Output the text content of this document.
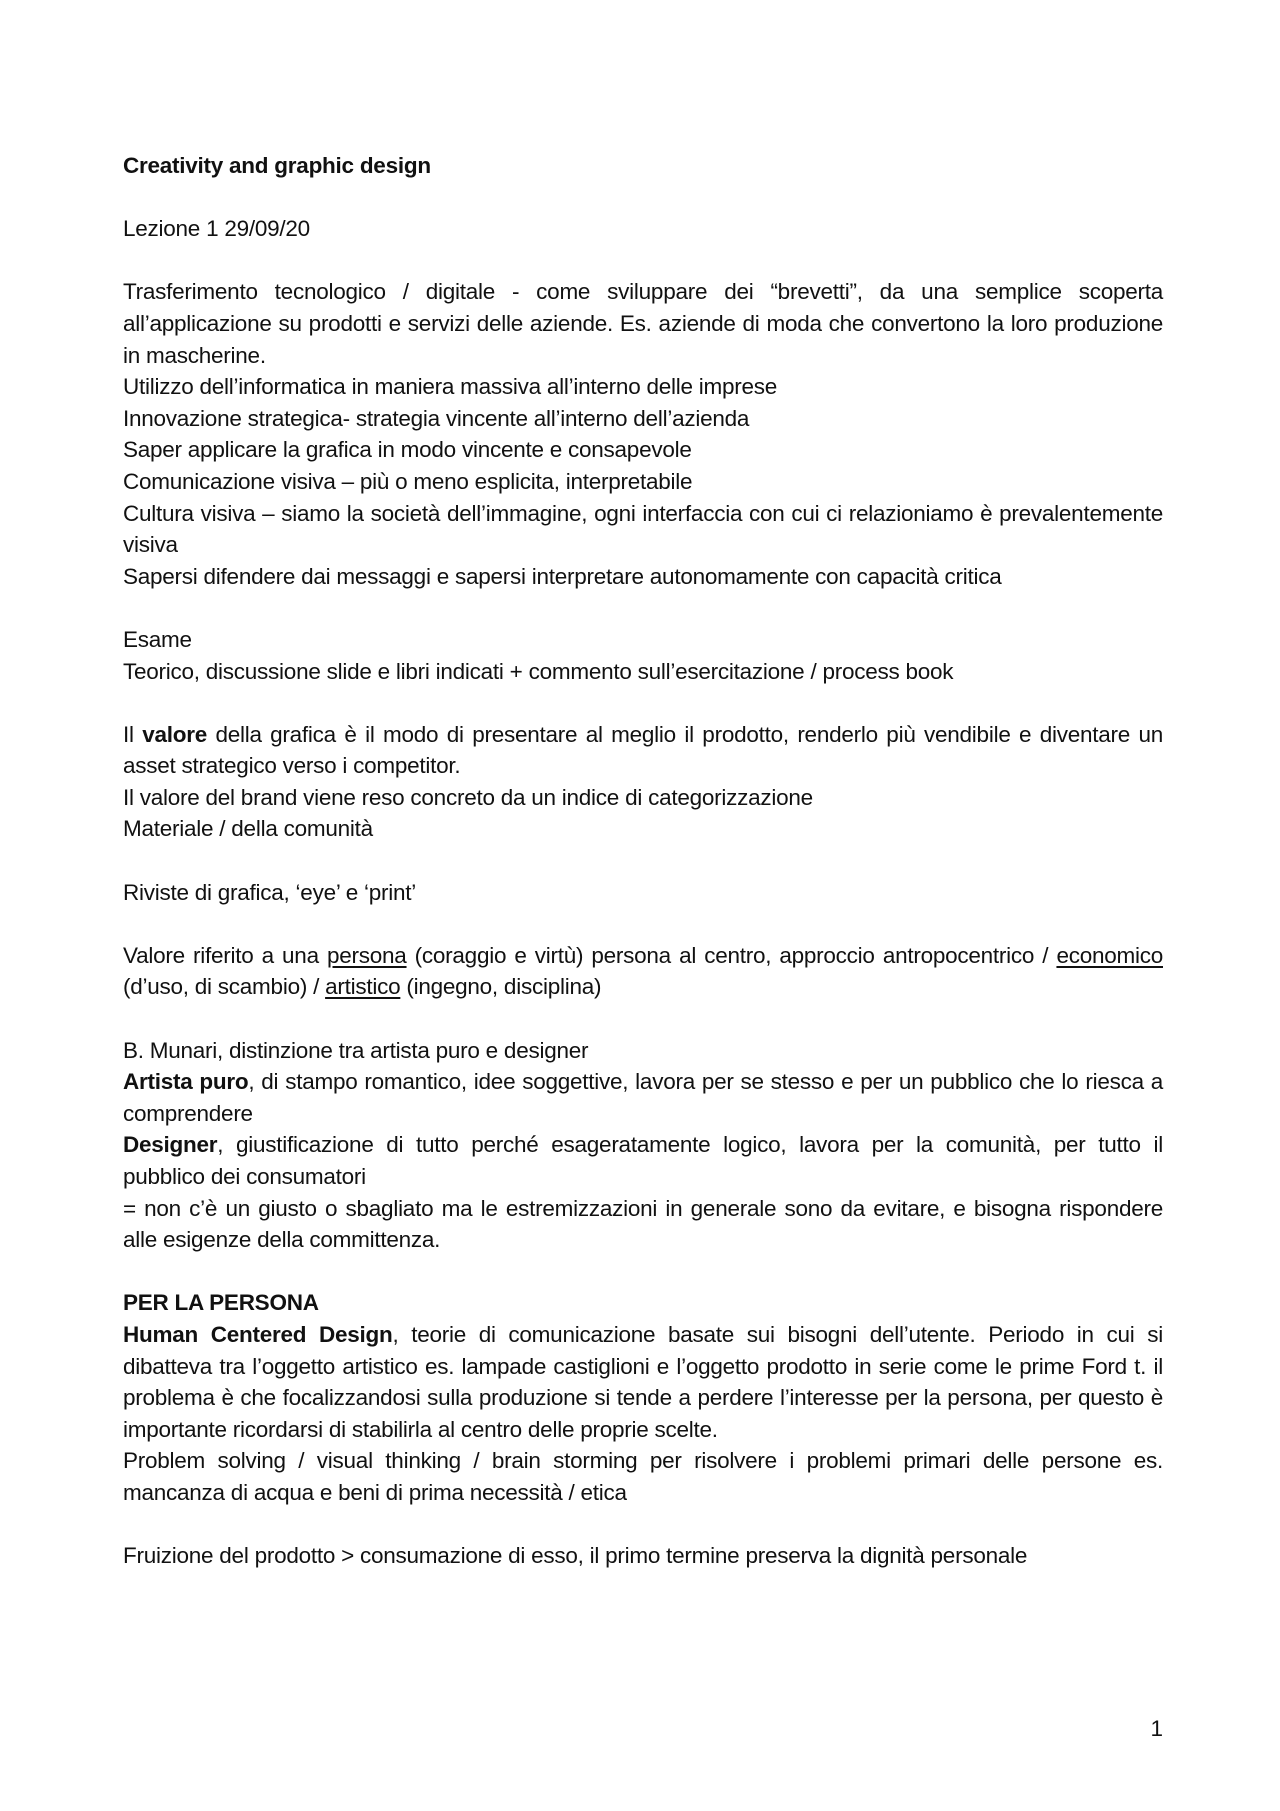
Creativity and graphic design

Lezione 1 29/09/20

Trasferimento tecnologico / digitale - come sviluppare dei “brevetti”, da una semplice scoperta all’applicazione su prodotti e servizi delle aziende. Es. aziende di moda che convertono la loro produzione in mascherine.

Utilizzo dell’informatica in maniera massiva all’interno delle imprese

Innovazione strategica- strategia vincente all’interno dell’azienda

Saper applicare la grafica in modo vincente e consapevole

Comunicazione visiva – più o meno esplicita, interpretabile

Cultura visiva – siamo la società dell’immagine, ogni interfaccia con cui ci relazioniamo è prevalentemente visiva

Sapersi difendere dai messaggi e sapersi interpretare autonomamente con capacità critica

Esame

Teorico, discussione slide e libri indicati + commento sull’esercitazione / process book

Il valore della grafica è il modo di presentare al meglio il prodotto, renderlo più vendibile e diventare un asset strategico verso i competitor.

Il valore del brand viene reso concreto da un indice di categorizzazione

Materiale / della comunità

Riviste di grafica, ‘eye’ e ‘print’

Valore riferito a una persona (coraggio e virtù) persona al centro, approccio antropocentrico / economico (d’uso, di scambio) / artistico (ingegno, disciplina)

B. Munari, distinzione tra artista puro e designer

Artista puro, di stampo romantico, idee soggettive, lavora per se stesso e per un pubblico che lo riesca a comprendere

Designer, giustificazione di tutto perché esageratamente logico, lavora per la comunità, per tutto il pubblico dei consumatori

= non c’è un giusto o sbagliato ma le estremizzazioni in generale sono da evitare, e bisogna rispondere alle esigenze della committenza.

PER LA PERSONA

Human Centered Design, teorie di comunicazione basate sui bisogni dell’utente. Periodo in cui si dibatteva tra l’oggetto artistico es. lampade castiglioni e l’oggetto prodotto in serie come le prime Ford t. il problema è che focalizzandosi sulla produzione si tende a perdere l’interesse per la persona, per questo è importante ricordarsi di stabilirla al centro delle proprie scelte.

Problem solving / visual thinking / brain storming per risolvere i problemi primari delle persone es. mancanza di acqua e beni di prima necessità / etica

Fruizione del prodotto > consumazione di esso, il primo termine preserva la dignità personale

1
